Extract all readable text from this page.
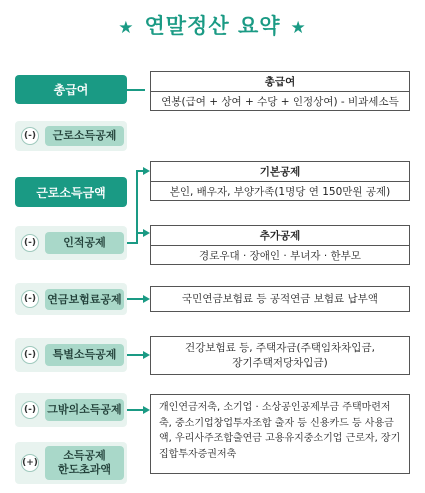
★ 연말정산 요약 ★
총급여
총급여
연봉(급여 + 상여 + 수당 + 인정상여) - 비과세소득
(-)	근로소득공제
근로소득금액
(-)	인적공제
기본공제
본인, 배우자, 부양가족(1명당 연 150만원 공제)
추가공제
경로우대 · 장애인 · 부녀자 · 한부모
(-) 연금보험료공제	국민연금보험료 등 공적연금 보험료 납부액
(-)	특별소득공제	건강보험료 등, 주택자금(주택임차차입금,
장기주택저당차입금)
(-) 그밖의소득공제
(+)
소득공제
한도초과액
개인연금저축, 소기업 · 소상공인공제부금 주택마련저축, 중소기업창업투자조합 출자 등 신용카드 등 사용금액, 우리사주조합출연금 고용유지중소기업 근로자, 장기집합투자증권저축
